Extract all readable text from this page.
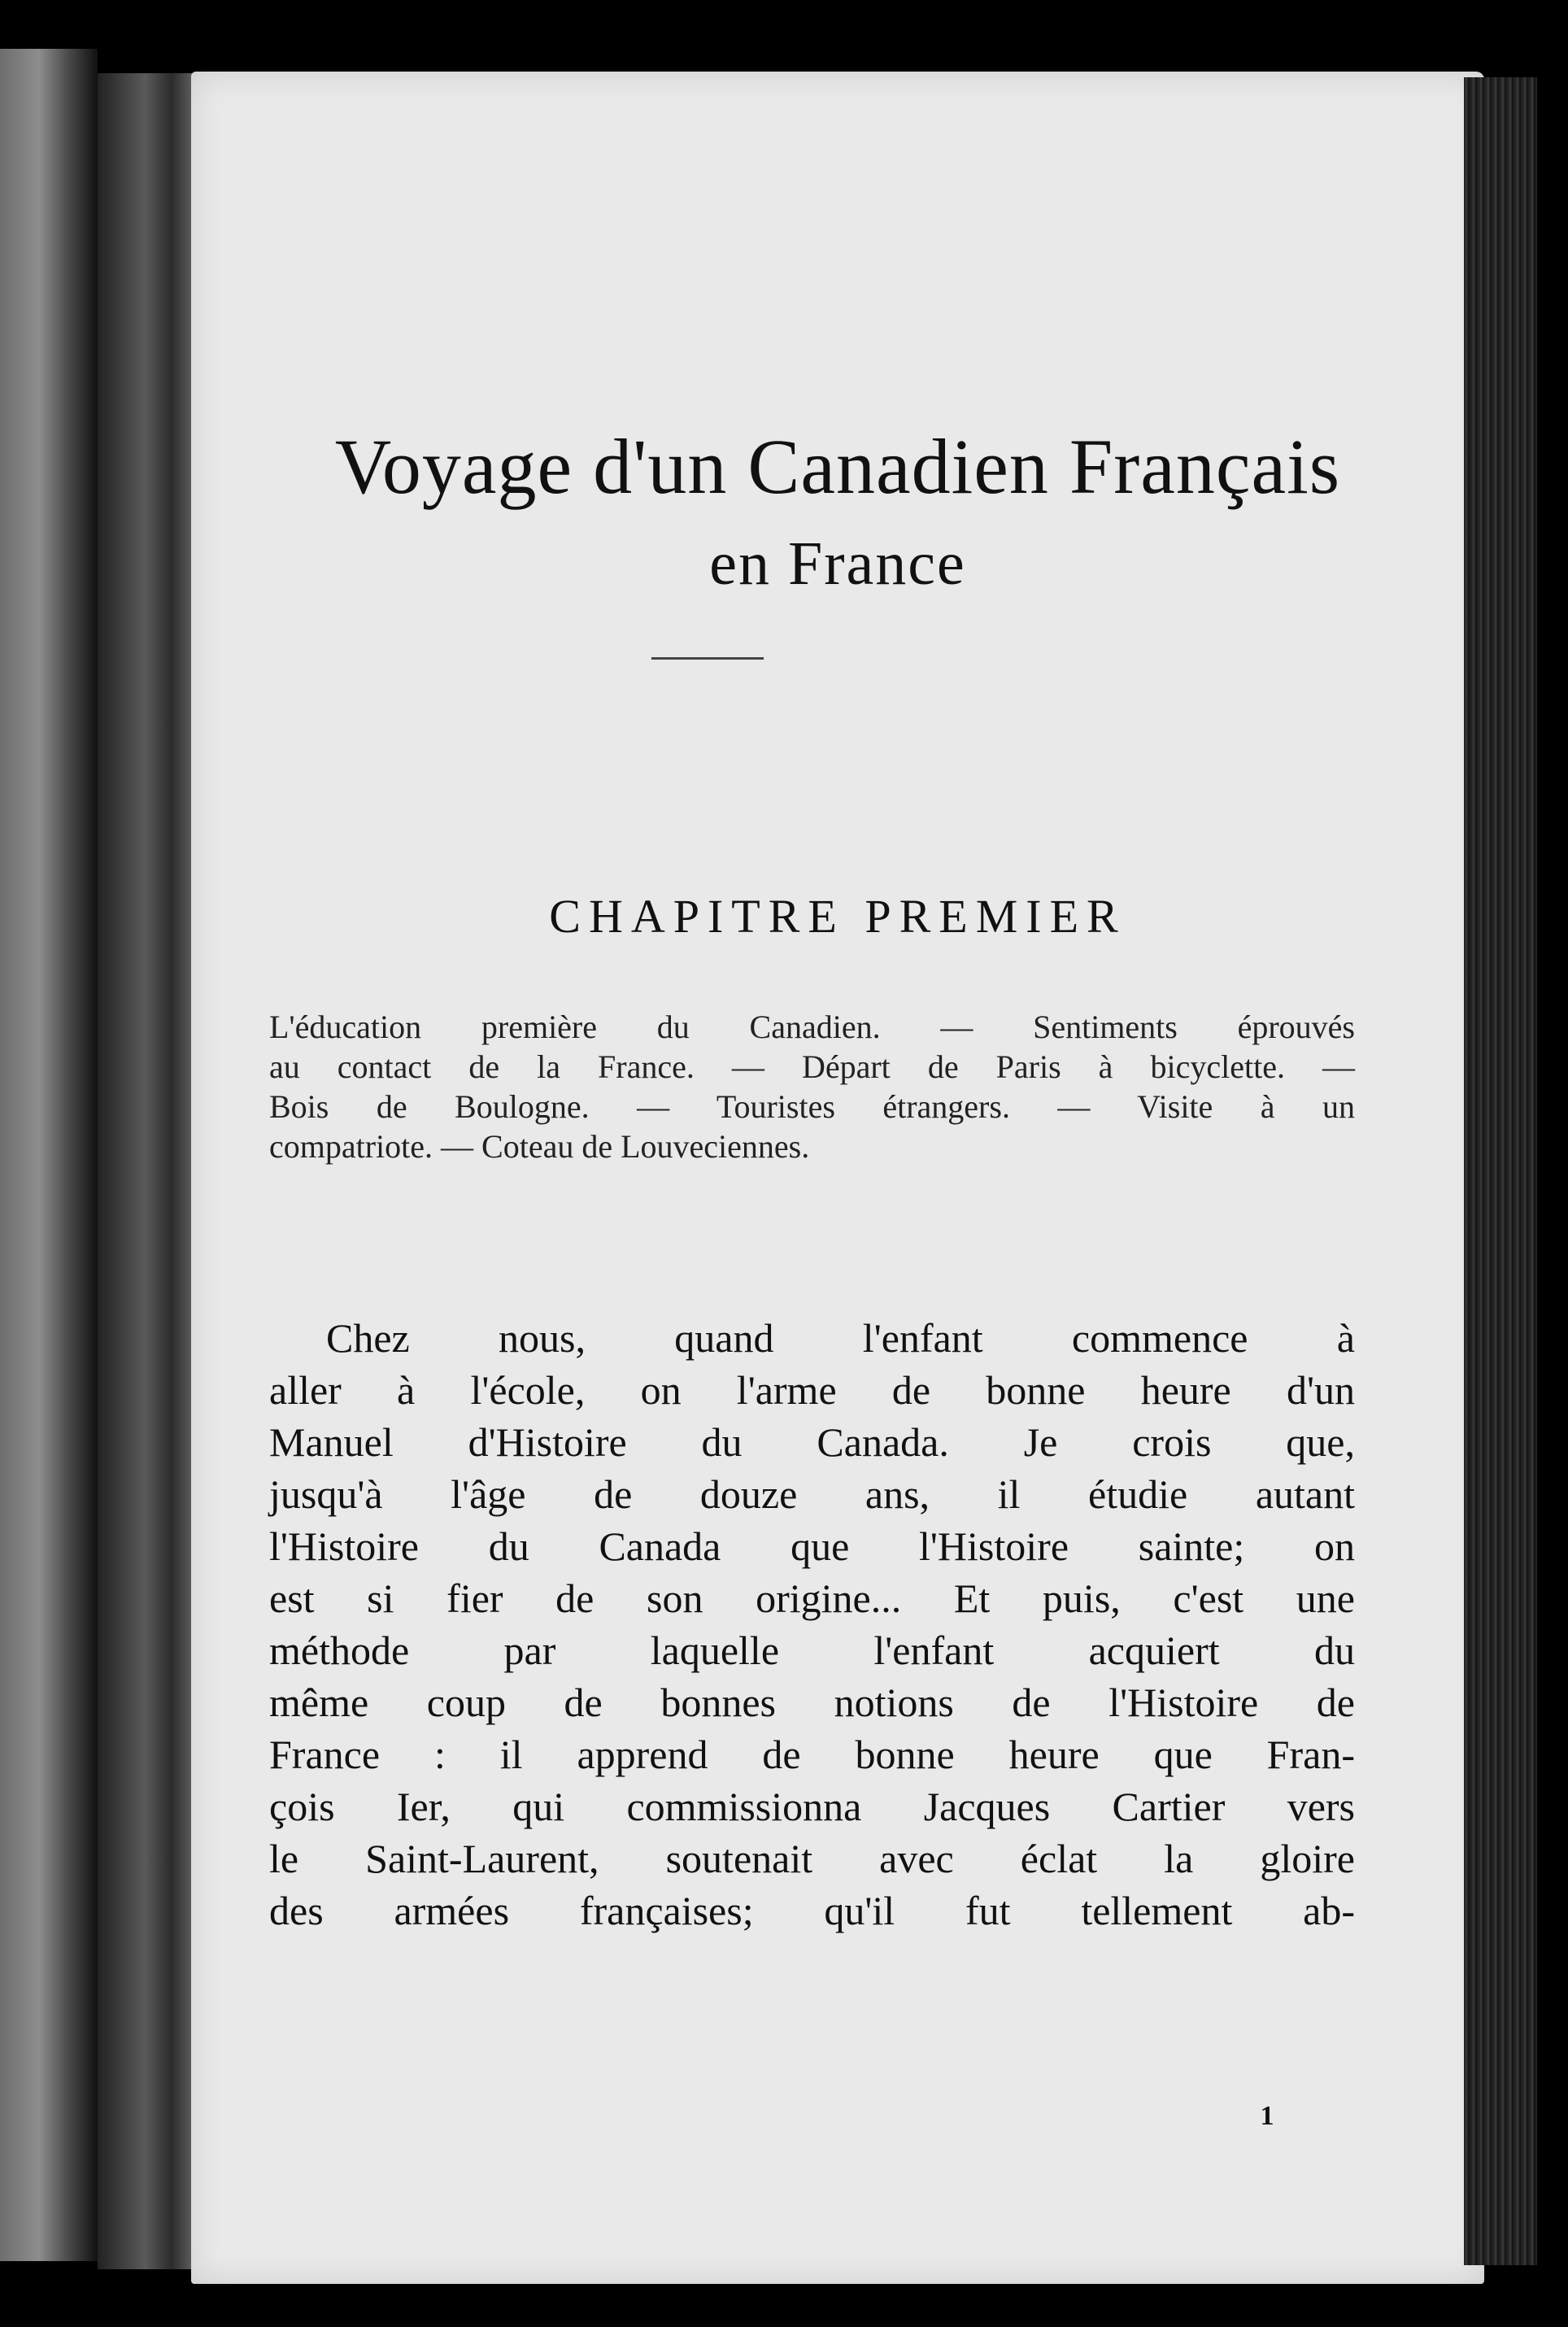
Voyage d'un Canadien Français
en France
CHAPITRE PREMIER

L'éducation première du Canadien. — Sentiments éprouvés

au contact de la France. — Départ de Paris à bicyclette. —

Bois de Boulogne. — Touristes étrangers. — Visite à un

compatriote. — Coteau de Louveciennes.

Chez nous, quand l'enfant commence à

aller à l'école, on l'arme de bonne heure d'un

Manuel d'Histoire du Canada. Je crois que,

jusqu'à l'âge de douze ans, il étudie autant

l'Histoire du Canada que l'Histoire sainte; on

est si fier de son origine... Et puis, c'est une

méthode par laquelle l'enfant acquiert du

même coup de bonnes notions de l'Histoire de

France : il apprend de bonne heure que Fran-

çois Ier, qui commissionna Jacques Cartier vers

le Saint-Laurent, soutenait avec éclat la gloire

des armées françaises; qu'il fut tellement ab-

1
